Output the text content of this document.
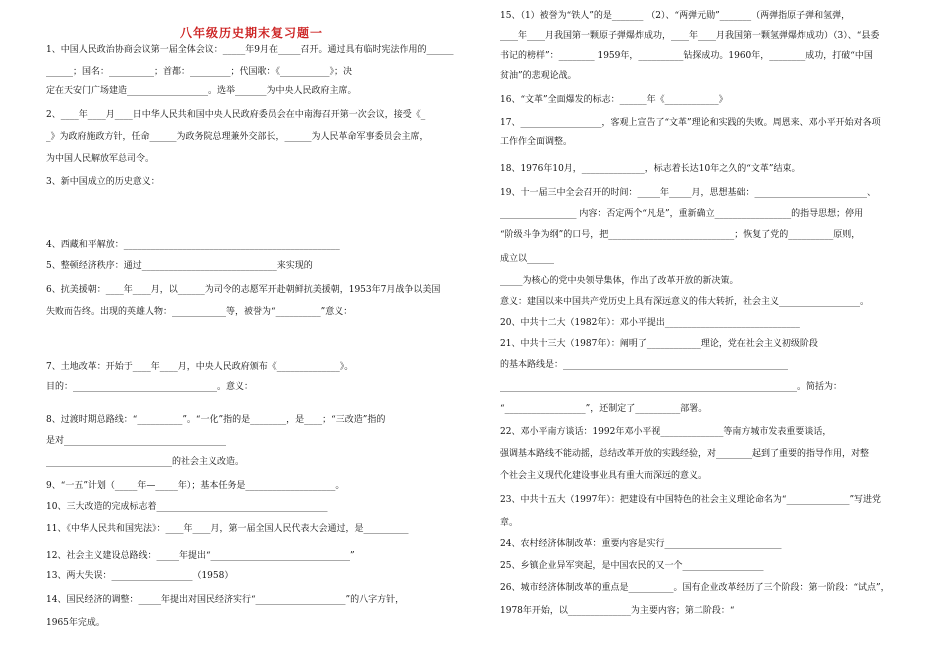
八年级历史期末复习题一
1、中国人民政治协商会议第一届全体会议：_____年9月在_____召开。通过具有临时宪法作用的______
______；国名：__________；首都：_________；代国歌：《___________》；决
定在天安门广场建造__________________。选举_______为中央人民政府主席。
2、____年____月____日中华人民共和国中央人民政府委员会在中南海召开第一次会议，接受《_
_》为政府施政方针，任命______为政务院总理兼外交部长，______为人民革命军事委员会主席，
为中国人民解放军总司令。
3、新中国成立的历史意义：
4、西藏和平解放：________________________________________________
5、整顿经济秩序：通过______________________________来实现的
6、抗美援朝：____年____月，以______为司令的志愿军开赴朝鲜抗美援朝，1953年7月战争以美国
失败而告终。出现的英雄人物：____________等，被誉为“__________”意义：
7、土地改革：开始于____年____月，中央人民政府颁布《______________》。
目的：________________________________。意义：
8、过渡时期总路线：“__________”。“一化”指的是________，是____；“三改造”指的
是对____________________________________
____________________________的社会主义改造。
9、“一五”计划（_____年—_____年）；基本任务是____________________。
10、三大改造的完成标志着______________________________________
11、《中华人民共和国宪法》：____年____月，第一届全国人民代表大会通过，是__________
12、社会主义建设总路线：_____年提出“_______________________________”
13、两大失误：__________________（1958）
14、国民经济的调整：_____年提出对国民经济实行“____________________”的八字方针，
1965年完成。
15、（1）被誉为“铁人”的是_______ （2）、“两弹元勋”_______（两弹指原子弹和氢弹，
____年____月我国第一颗原子弹爆炸成功，____年____月我国第一颗氢弹爆炸成功）（3）、“县委
书记的榜样”：________ 1959年，__________钻探成功。1960年，________成功，打破“中国
贫油”的悲观论战。
16、“文革”全面爆发的标志：______年《____________》
17、__________________，客观上宣告了“文革”理论和实践的失败。周恩来、邓小平开始对各项
工作作全面调整。
18、1976年10月，______________，标志着长达10年之久的“文革”结束。
19、十一届三中全会召开的时间：_____年_____月，思想基础：_________________________、
_________________ 内容：否定两个“凡是”，重新确立_________________的指导思想；停用
“阶级斗争为纲”的口号，把____________________________；恢复了党的__________原则，
成立以______
_____为核心的党中央领导集体，作出了改革开放的新决策。
意义：建国以来中国共产党历史上具有深远意义的伟大转折，社会主义__________________。
20、中共十二大（1982年）：邓小平提出______________________________
21、中共十三大（1987年）：阐明了____________理论，党在社会主义初级阶段
的基本路线是：__________________________________________________
__________________________________________________________________。简括为：
“__________________”，还制定了__________部署。
22、邓小平南方谈话：1992年邓小平视______________等南方城市发表重要谈话，
强调基本路线不能动摇，总结改革开放的实践经验，对________起到了重要的指导作用，对整
个社会主义现代化建设事业具有重大而深远的意义。
23、中共十五大（1997年）：把建设有中国特色的社会主义理论命名为“______________”写进党
章。
24、农村经济体制改革：重要内容是实行__________________________
25、乡镇企业异军突起，是中国农民的又一个__________________
26、城市经济体制改革的重点是__________。国有企业改革经历了三个阶段：第一阶段：“试点”，
1978年开始，以______________为主要内容；第二阶段：“
